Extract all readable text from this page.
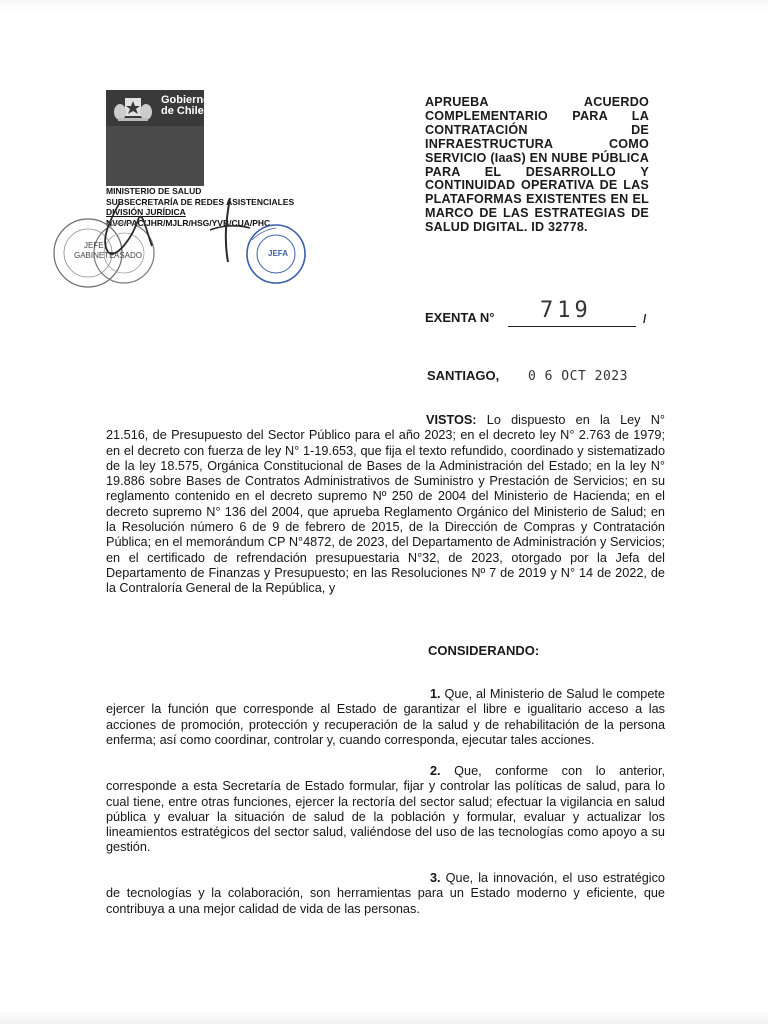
Gobierno
de Chile
MINISTERIO DE SALUD
SUBSECRETARÍA DE REDES ASISTENCIALES
DIVISIÓN JURÍDICA
NVC/PAC/JHR/MJLR/HSG/YVB/CUA/PHC
JEFE
GABINETE ASADO	JEFA
APRUEBA ACUERDO COMPLEMENTARIO PARA LA CONTRATACIÓN DE INFRAESTRUCTURA COMO SERVICIO (IaaS) EN NUBE PÚBLICA PARA EL DESARROLLO Y CONTINUIDAD OPERATIVA DE LAS PLATAFORMAS EXISTENTES EN EL MARCO DE LAS ESTRATEGIAS DE SALUD DIGITAL. ID 32778.
EXENTA N° 719	/
SANTIAGO, 0 6 OCT 2023
VISTOS: Lo dispuesto en la Ley N° 21.516, de Presupuesto del Sector Público para el año 2023; en el decreto ley N° 2.763 de 1979; en el decreto con fuerza de ley N° 1-19.653, que fija el texto refundido, coordinado y sistematizado de la ley 18.575, Orgánica Constitucional de Bases de la Administración del Estado; en la ley N° 19.886 sobre Bases de Contratos Administrativos de Suministro y Prestación de Servicios; en su reglamento contenido en el decreto supremo Nº 250 de 2004 del Ministerio de Hacienda; en el decreto supremo N° 136 del 2004, que aprueba Reglamento Orgánico del Ministerio de Salud; en la Resolución número 6 de 9 de febrero de 2015, de la Dirección de Compras y Contratación Pública; en el memorándum CP N°4872, de 2023, del Departamento de Administración y Servicios; en el certificado de refrendación presupuestaria N°32, de 2023, otorgado por la Jefa del Departamento de Finanzas y Presupuesto; en las Resoluciones Nº 7 de 2019 y N° 14 de 2022, de la Contraloría General de la República, y
CONSIDERANDO:
1. Que, al Ministerio de Salud le compete ejercer la función que corresponde al Estado de garantizar el libre e igualitario acceso a las acciones de promoción, protección y recuperación de la salud y de rehabilitación de la persona enferma; así como coordinar, controlar y, cuando corresponda, ejecutar tales acciones.
2. Que, conforme con lo anterior, corresponde a esta Secretaría de Estado formular, fijar y controlar las políticas de salud, para lo cual tiene, entre otras funciones, ejercer la rectoría del sector salud; efectuar la vigilancia en salud pública y evaluar la situación de salud de la población y formular, evaluar y actualizar los lineamientos estratégicos del sector salud, valiéndose del uso de las tecnologías como apoyo a su gestión.
3. Que, la innovación, el uso estratégico de tecnologías y la colaboración, son herramientas para un Estado moderno y eficiente, que contribuya a una mejor calidad de vida de las personas.
